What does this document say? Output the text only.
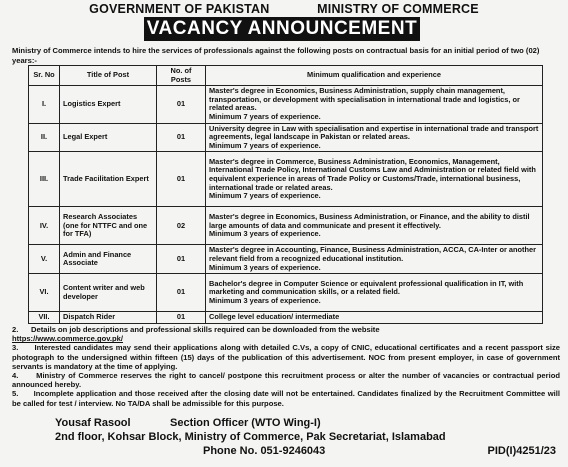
GOVERNMENT OF PAKISTAN	MINISTRY OF COMMERCE
VACANCY ANNOUNCEMENT
Ministry of Commerce intends to hire the services of professionals against the following posts on contractual basis for an initial period of two (02) years:-
Sr. No	Title of Post	No. of Posts	Minimum qualification and experience
I.	Logistics Expert	01	Master's degree in Economics, Business Administration, supply chain management, transportation, or development with specialisation in international trade and logistics, or related areas.
Minimum 7 years of experience.

II.	Legal Expert	01	University degree in Law with specialisation and expertise in international trade and transport agreements, legal landscape in Pakistan or related areas.
Minimum 7 years of experience.

III.	Trade Facilitation Expert	01	Master's degree in Commerce, Business Administration, Economics, Management, International Trade Policy, International Customs Law and Administration or related field with equivalent experience in areas of Trade Policy or Customs/Trade, international business, international trade or related areas.
Minimum 7 years of experience.

IV.	Research Associates (one for NTTFC and one for TFA)	02	Master's degree in Economics, Business Administration, or Finance, and the ability to distil large amounts of data and communicate and present it effectively.
Minimum 3 years of experience.

V.	Admin and Finance Associate	01	Master's degree in Accounting, Finance, Business Administration, ACCA, CA-Inter or another relevant field from a recognized educational institution.
Minimum 3 years of experience.

VI.	Content writer and web developer	01	Bachelor's degree in Computer Science or equivalent professional qualification in IT, with marketing and communication skills, or a related field.
Minimum 3 years of experience.

VII.	Dispatch Rider	01	College level education/ intermediate

2. Details on job descriptions and professional skills required can be downloaded from the website
https://www.commerce.gov.pk/

3. Interested candidates may send their applications along with detailed C.Vs, a copy of CNIC, educational certificates and a recent passport size photograph to the undersigned within fifteen (15) days of the publication of this advertisement. NOC from present employer, in case of government servants is mandatory at the time of applying.

4. Ministry of Commerce reserves the right to cancel/ postpone this recruitment process or alter the number of vacancies or contractual period announced hereby.

5. Incomplete application and those received after the closing date will not be entertained. Candidates finalized by the Recruitment Committee will be called for test / interview. No TA/DA shall be admissible for this purpose.

Yousaf Rasool	Section Officer (WTO Wing-I)
2nd floor, Kohsar Block, Ministry of Commerce, Pak Secretariat, Islamabad
Phone No. 051-9246043	PID(I)4251/23
